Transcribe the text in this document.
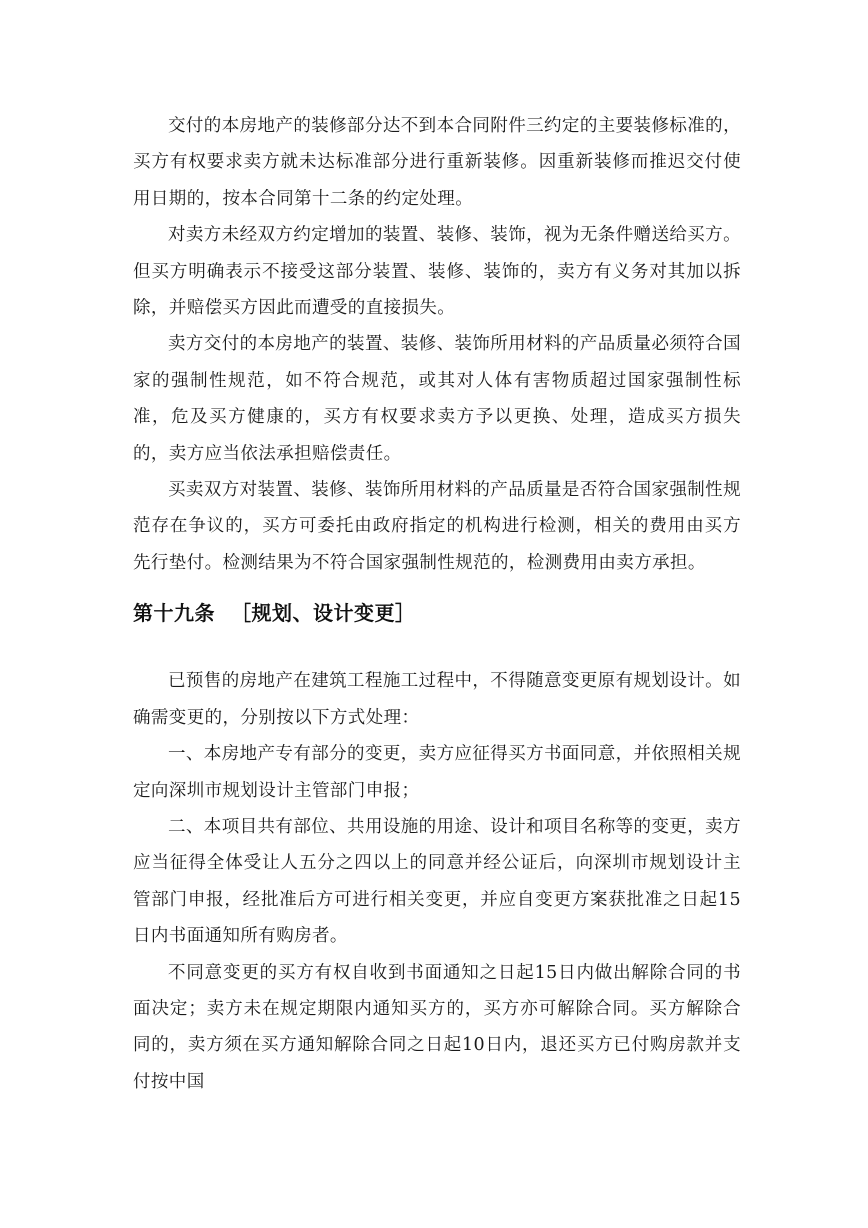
交付的本房地产的装修部分达不到本合同附件三约定的主要装修标准的，买方有权要求卖方就未达标准部分进行重新装修。因重新装修而推迟交付使用日期的，按本合同第十二条的约定处理。

对卖方未经双方约定增加的装置、装修、装饰，视为无条件赠送给买方。但买方明确表示不接受这部分装置、装修、装饰的，卖方有义务对其加以拆除，并赔偿买方因此而遭受的直接损失。

卖方交付的本房地产的装置、装修、装饰所用材料的产品质量必须符合国家的强制性规范，如不符合规范，或其对人体有害物质超过国家强制性标准，危及买方健康的，买方有权要求卖方予以更换、处理，造成买方损失的，卖方应当依法承担赔偿责任。

买卖双方对装置、装修、装饰所用材料的产品质量是否符合国家强制性规范存在争议的，买方可委托由政府指定的机构进行检测，相关的费用由买方先行垫付。检测结果为不符合国家强制性规范的，检测费用由卖方承担。

第十九条 ［规划、设计变更］

已预售的房地产在建筑工程施工过程中，不得随意变更原有规划设计。如确需变更的，分别按以下方式处理：

一、本房地产专有部分的变更，卖方应征得买方书面同意，并依照相关规定向深圳市规划设计主管部门申报；

二、本项目共有部位、共用设施的用途、设计和项目名称等的变更，卖方应当征得全体受让人五分之四以上的同意并经公证后，向深圳市规划设计主管部门申报，经批准后方可进行相关变更，并应自变更方案获批准之日起15日内书面通知所有购房者。

不同意变更的买方有权自收到书面通知之日起15日内做出解除合同的书面决定；卖方未在规定期限内通知买方的，买方亦可解除合同。买方解除合同的，卖方须在买方通知解除合同之日起10日内，退还买方已付购房款并支付按中国
